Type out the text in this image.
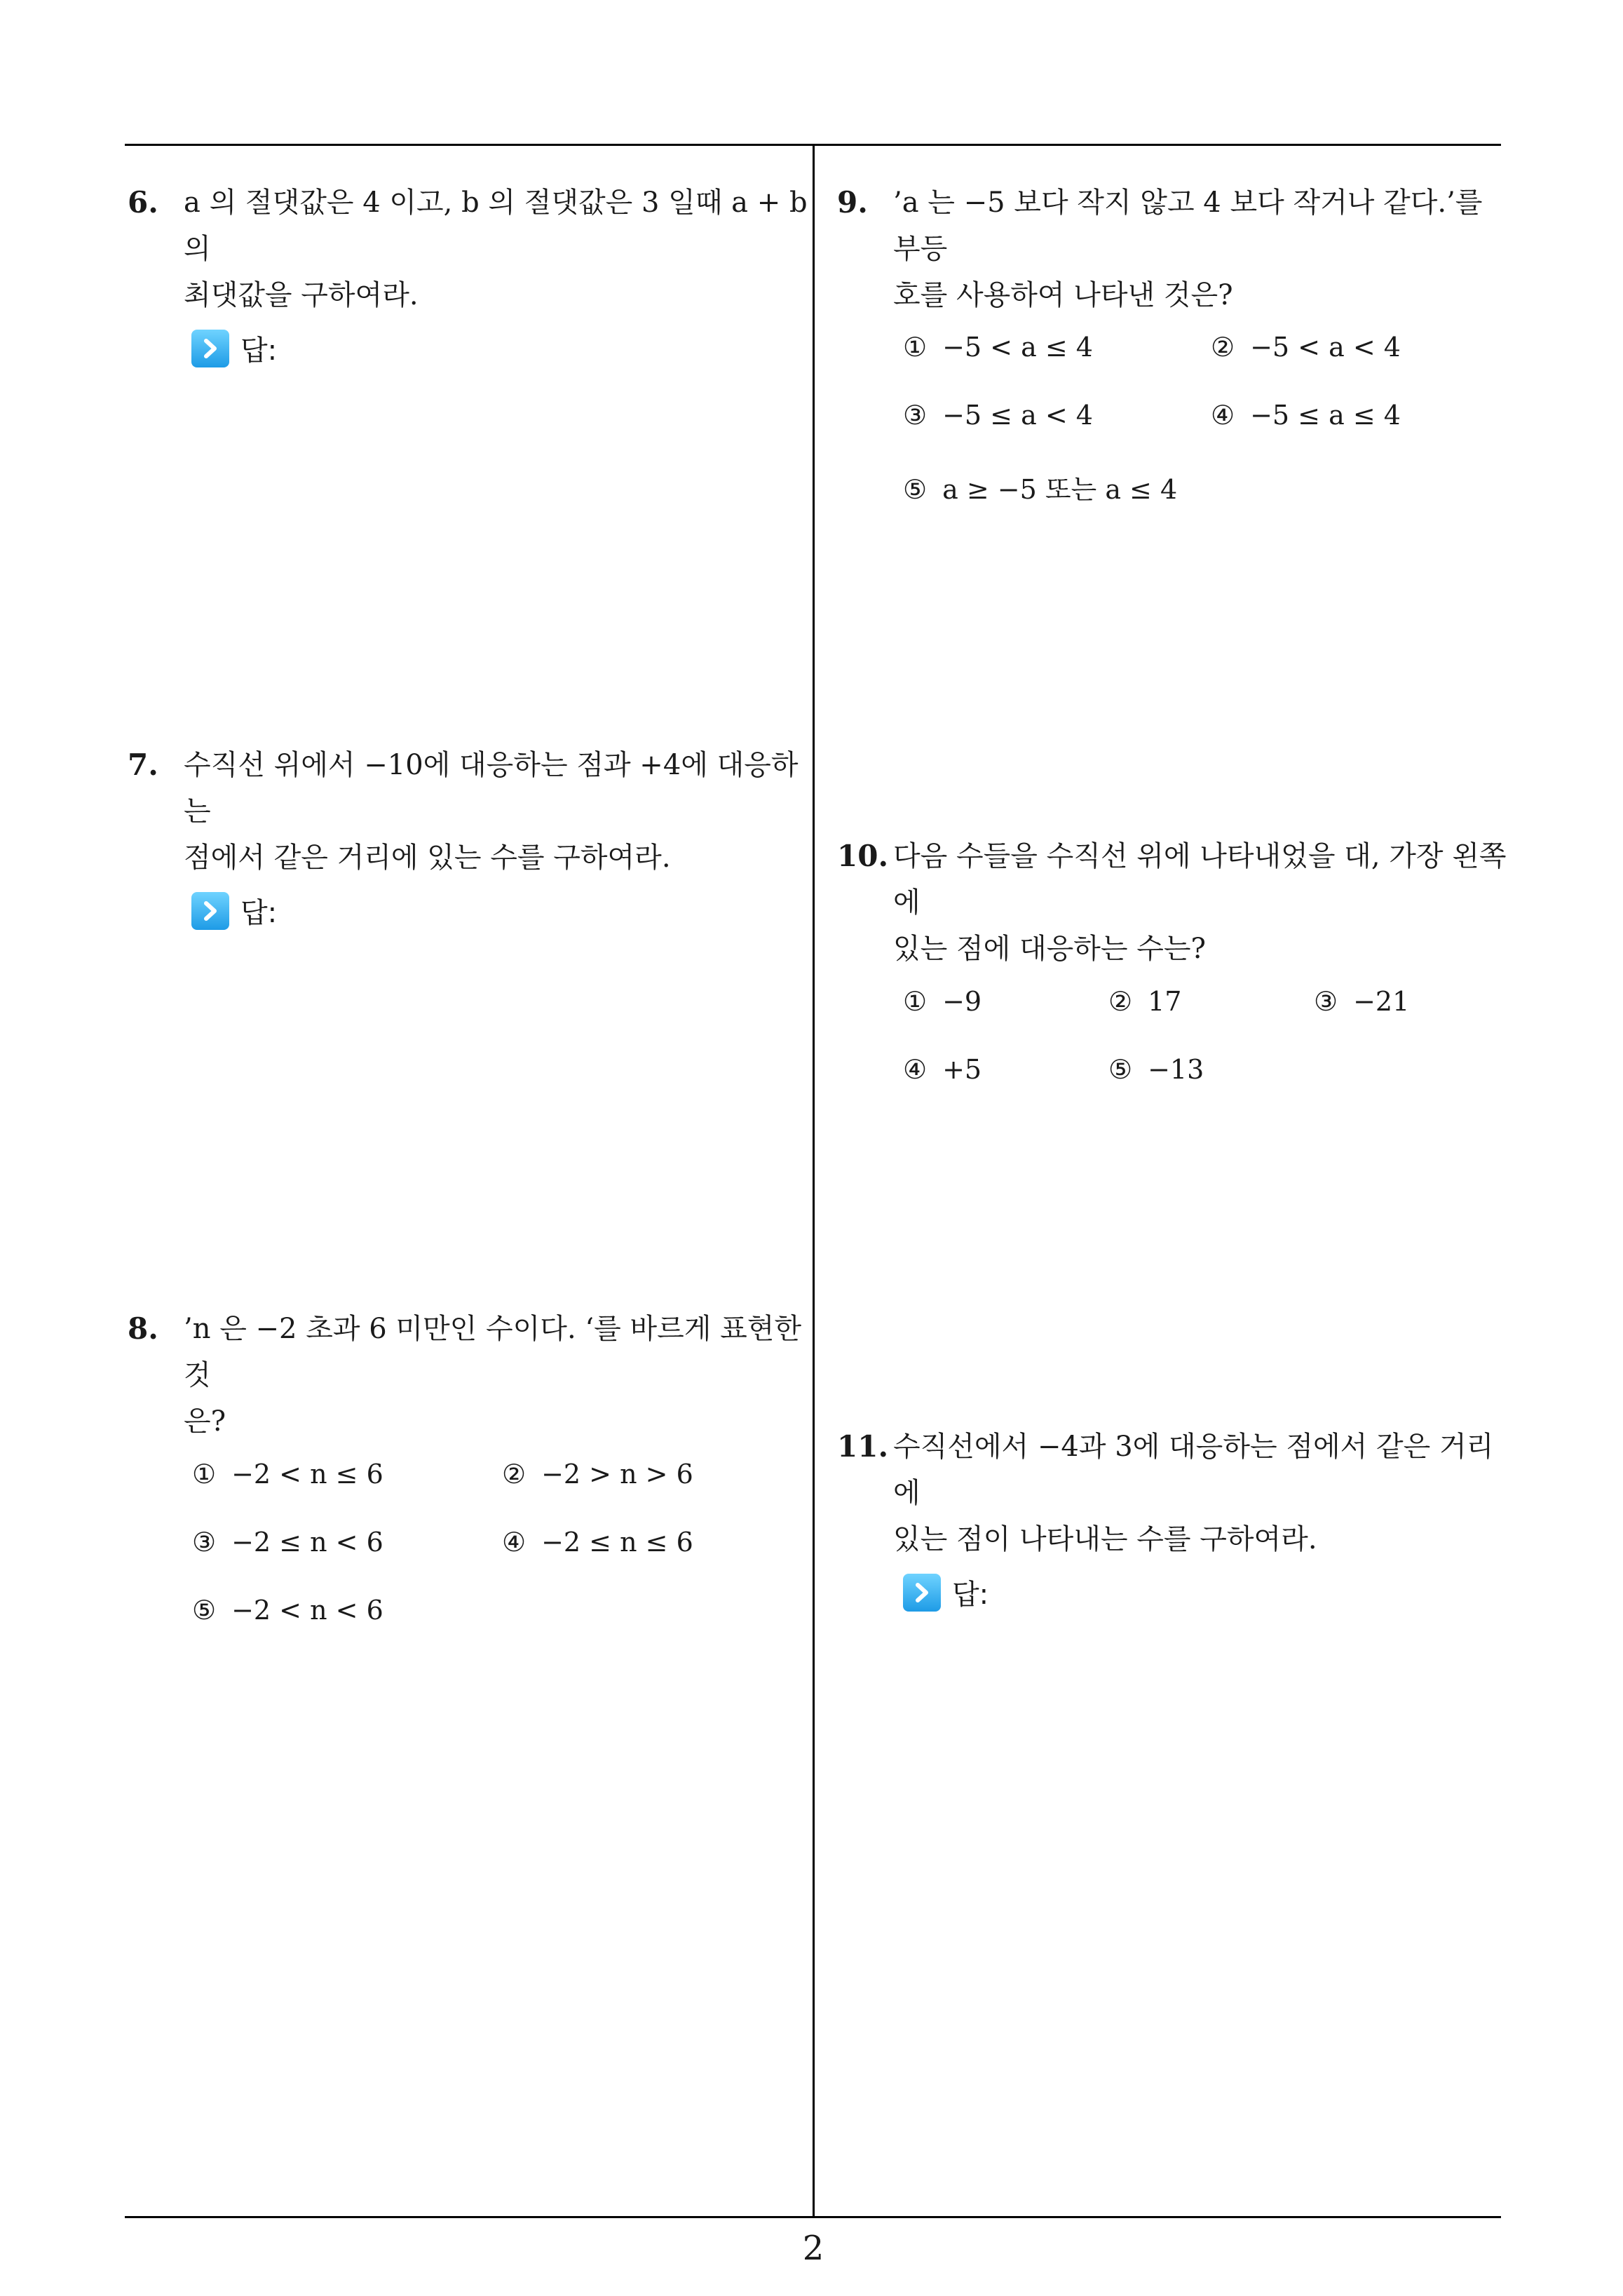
6. a 의 절댓값은 4 이고, b 의 절댓값은 3 일때 a + b 의
최댓값을 구하여라.
답:
7. 수직선 위에서 −10에 대응하는 점과 +4에 대응하는
점에서 같은 거리에 있는 수를 구하여라.
답:
8. ’n 은 −2 초과 6 미만인 수이다. ‘를 바르게 표현한 것
은?
① −2 < n ≤ 6	② −2 > n > 6
③ −2 ≤ n < 6	④ −2 ≤ n ≤ 6
⑤ −2 < n < 6
9. ’a 는 −5 보다 작지 않고 4 보다 작거나 같다.’를 부등
호를 사용하여 나타낸 것은?
① −5 < a ≤ 4	② −5 < a < 4
③ −5 ≤ a < 4	④ −5 ≤ a ≤ 4
⑤ a ≥ −5 또는 a ≤ 4
10. 다음 수들을 수직선 위에 나타내었을 대, 가장 왼쪽에
있는 점에 대응하는 수는?
① −9	② 17	③ −21
④ +5	⑤ −13
11. 수직선에서 −4과 3에 대응하는 점에서 같은 거리에
있는 점이 나타내는 수를 구하여라.
답:
2
